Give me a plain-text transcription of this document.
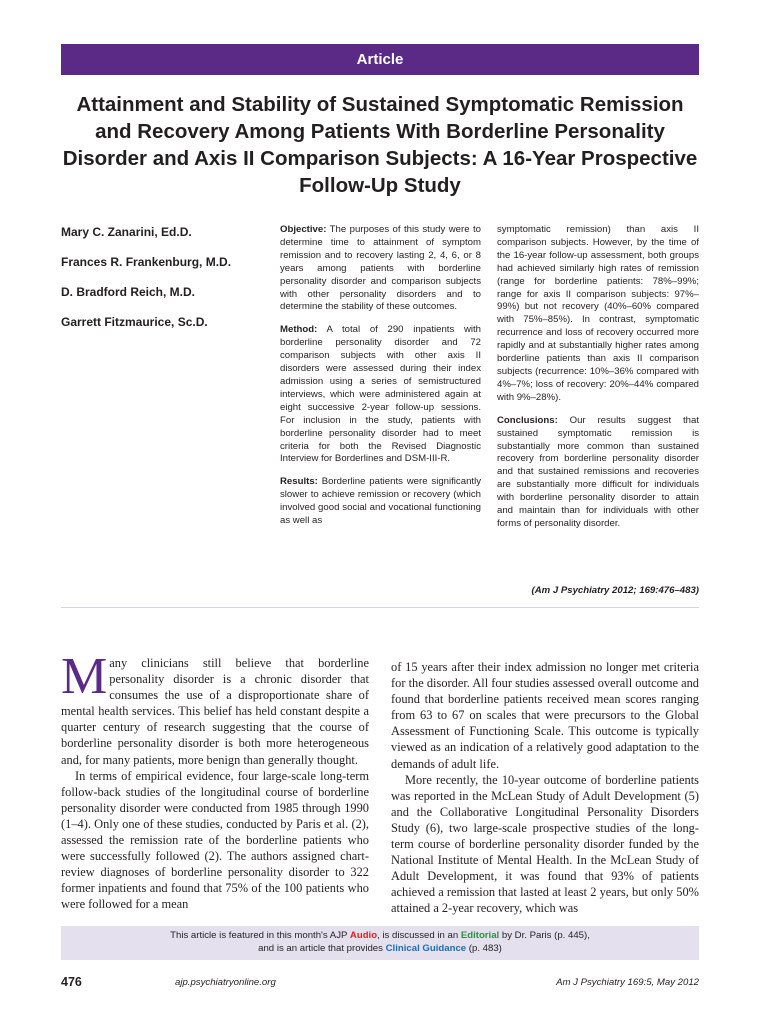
Article
Attainment and Stability of Sustained Symptomatic Remission and Recovery Among Patients With Borderline Personality Disorder and Axis II Comparison Subjects: A 16-Year Prospective Follow-Up Study
Mary C. Zanarini, Ed.D.
Frances R. Frankenburg, M.D.
D. Bradford Reich, M.D.
Garrett Fitzmaurice, Sc.D.

Objective: The purposes of this study were to determine time to attainment of symptom remission and to recovery lasting 2, 4, 6, or 8 years among patients with borderline personality disorder and comparison subjects with other personality disorders and to determine the stability of these outcomes.

Method: A total of 290 inpatients with borderline personality disorder and 72 comparison subjects with other axis II disorders were assessed during their index admission using a series of semistructured interviews, which were administered again at eight successive 2-year follow-up sessions. For inclusion in the study, patients with borderline personality disorder had to meet criteria for both the Revised Diagnostic Interview for Borderlines and DSM-III-R.

Results: Borderline patients were significantly slower to achieve remission or recovery (which involved good social and vocational functioning as well as

symptomatic remission) than axis II comparison subjects. However, by the time of the 16-year follow-up assessment, both groups had achieved similarly high rates of remission (range for borderline patients: 78%–99%; range for axis II comparison subjects: 97%–99%) but not recovery (40%–60% compared with 75%–85%). In contrast, symptomatic recurrence and loss of recovery occurred more rapidly and at substantially higher rates among borderline patients than axis II comparison subjects (recurrence: 10%–36% compared with 4%–7%; loss of recovery: 20%–44% compared with 9%–28%).

Conclusions: Our results suggest that sustained symptomatic remission is substantially more common than sustained recovery from borderline personality disorder and that sustained remissions and recoveries are substantially more difficult for individuals with borderline personality disorder to attain and maintain than for individuals with other forms of personality disorder.

(Am J Psychiatry 2012; 169:476–483)

Many clinicians still believe that borderline personality disorder is a chronic disorder that consumes the use of a disproportionate share of mental health services. This belief has held constant despite a quarter century of research suggesting that the course of borderline personality disorder is both more heterogeneous and, for many patients, more benign than generally thought.

In terms of empirical evidence, four large-scale long-term follow-back studies of the longitudinal course of borderline personality disorder were conducted from 1985 through 1990 (1–4). Only one of these studies, conducted by Paris et al. (2), assessed the remission rate of the borderline patients who were successfully followed (2). The authors assigned chart-review diagnoses of borderline personality disorder to 322 former inpatients and found that 75% of the 100 patients who were followed for a mean

of 15 years after their index admission no longer met criteria for the disorder. All four studies assessed overall outcome and found that borderline patients received mean scores ranging from 63 to 67 on scales that were precursors to the Global Assessment of Functioning Scale. This outcome is typically viewed as an indication of a relatively good adaptation to the demands of adult life.

More recently, the 10-year outcome of borderline patients was reported in the McLean Study of Adult Development (5) and the Collaborative Longitudinal Personality Disorders Study (6), two large-scale prospective studies of the long-term course of borderline personality disorder funded by the National Institute of Mental Health. In the McLean Study of Adult Development, it was found that 93% of patients achieved a remission that lasted at least 2 years, but only 50% attained a 2-year recovery, which was

This article is featured in this month's AJP Audio, is discussed in an Editorial by Dr. Paris (p. 445),
and is an article that provides Clinical Guidance (p. 483)
476	ajp.psychiatryonline.org	Am J Psychiatry 169:5, May 2012
